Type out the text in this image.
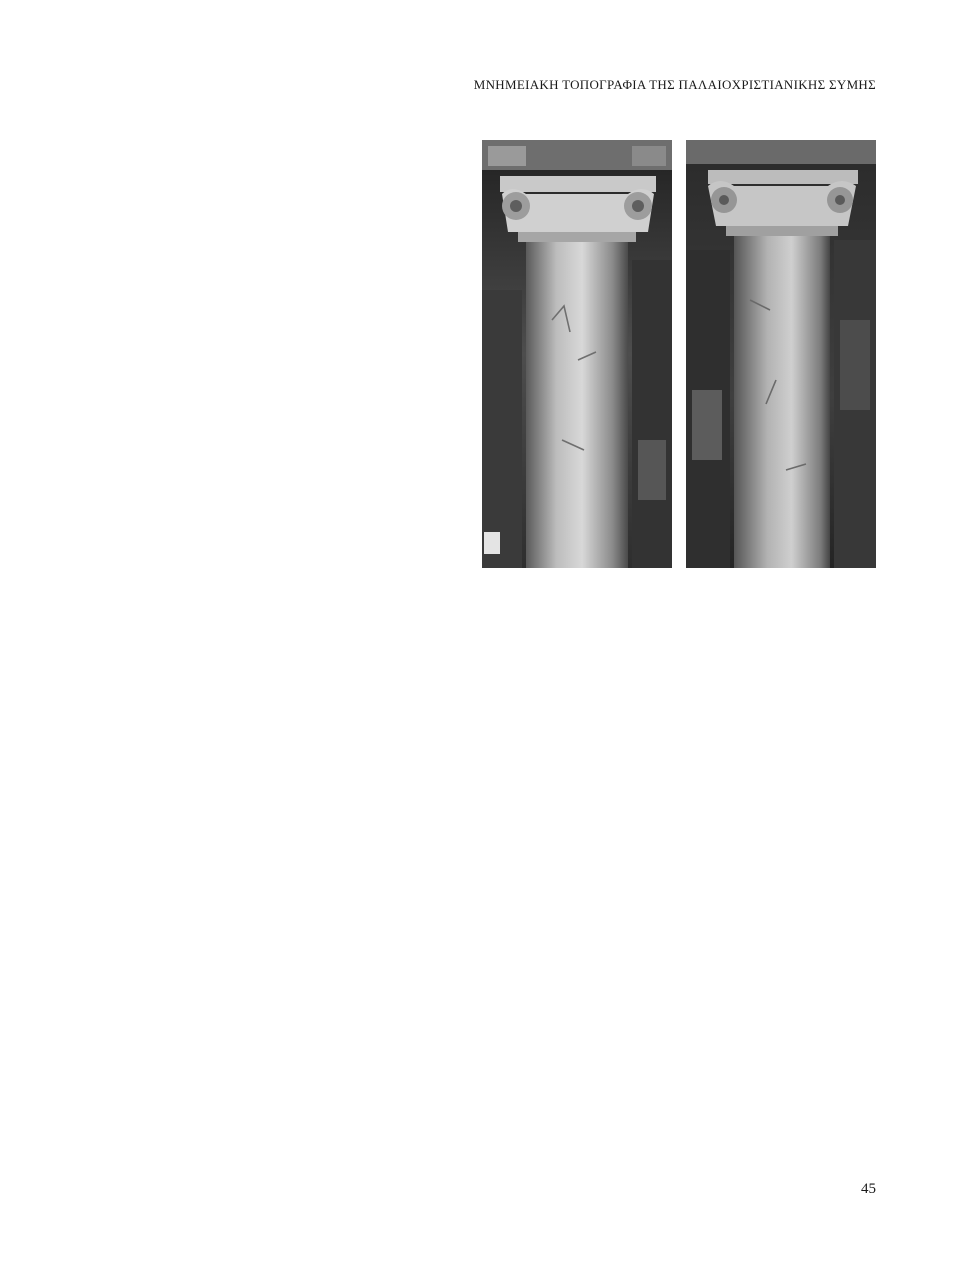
ΜΝΗΜΕΙΑΚΗ ΤΟΠΟΓΡΑΦΙΑ ΤΗΣ ΠΑΛΑΙΟΧΡΙΣΤΙΑΝΙΚΗΣ ΣΥΜΗΣ
45
